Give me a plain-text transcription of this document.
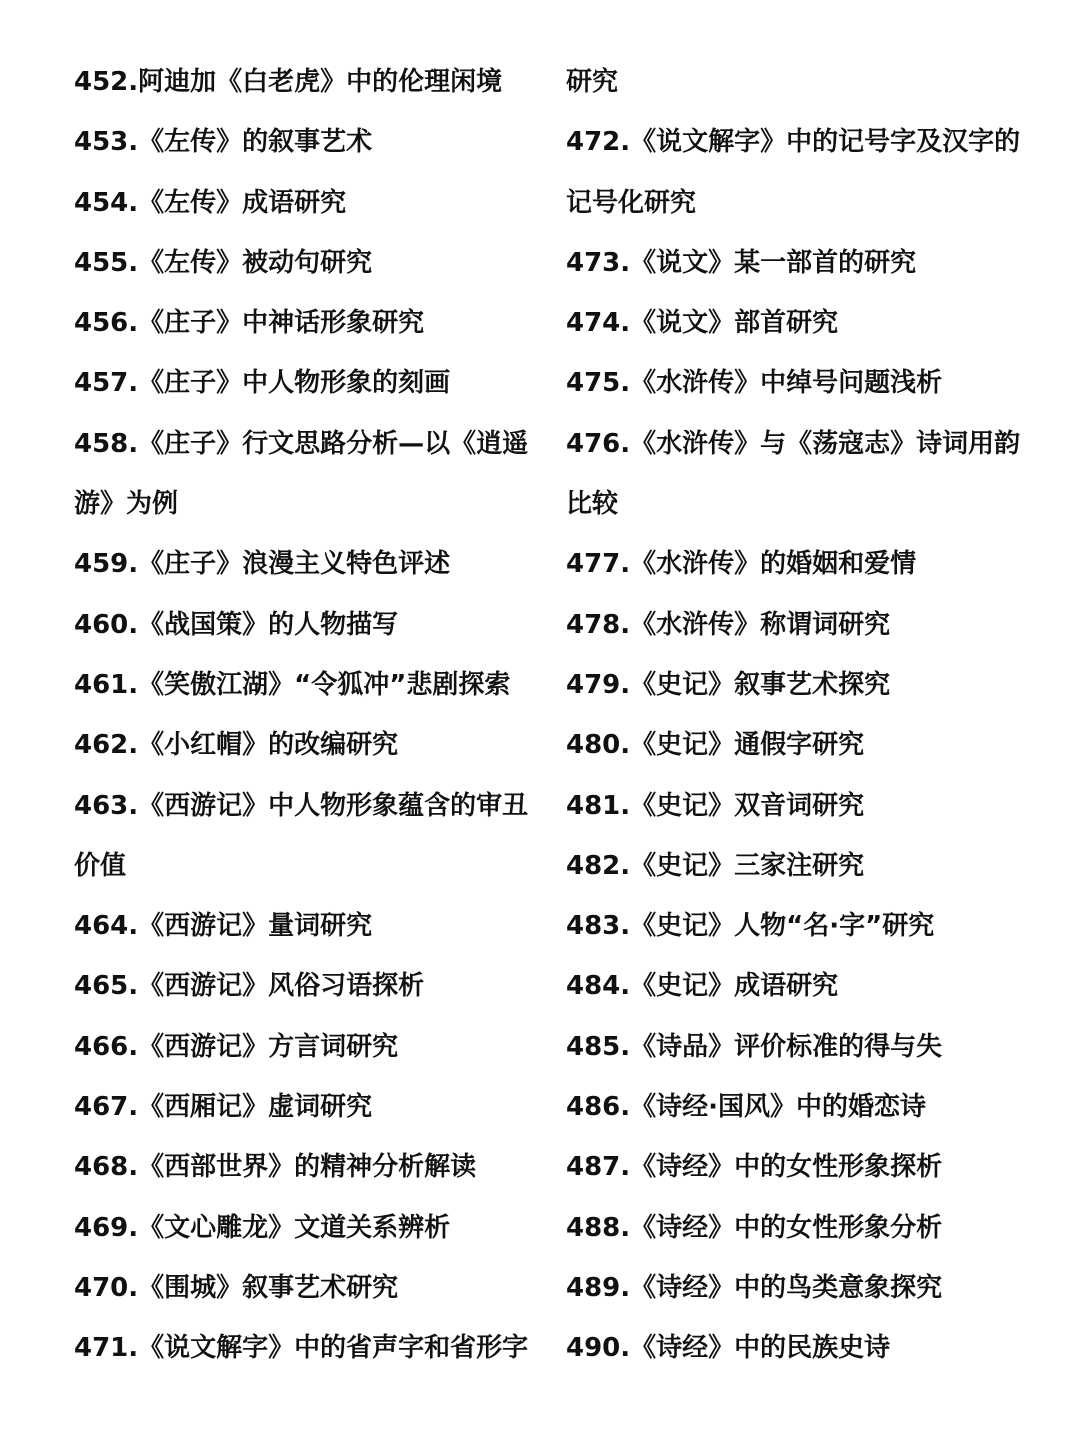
452.阿迪加《白老虎》中的伦理闲境
453.《左传》的叙事艺术
454.《左传》成语研究
455.《左传》被动句研究
456.《庄子》中神话形象研究
457.《庄子》中人物形象的刻画
458.《庄子》行文思路分析—以《逍遥
游》为例
459.《庄子》浪漫主义特色评述
460.《战国策》的人物描写
461.《笑傲江湖》“令狐冲”悲剧探索
462.《小红帽》的改编研究
463.《西游记》中人物形象蕴含的审丑
价值
464.《西游记》量词研究
465.《西游记》风俗习语探析
466.《西游记》方言词研究
467.《西厢记》虚词研究
468.《西部世界》的精神分析解读
469.《文心雕龙》文道关系辨析
470.《围城》叙事艺术研究
471.《说文解字》中的省声字和省形字
研究
472.《说文解字》中的记号字及汉字的
记号化研究
473.《说文》某一部首的研究
474.《说文》部首研究
475.《水浒传》中绰号问题浅析
476.《水浒传》与《荡寇志》诗词用韵
比较
477.《水浒传》的婚姻和爱情
478.《水浒传》称谓词研究
479.《史记》叙事艺术探究
480.《史记》通假字研究
481.《史记》双音词研究
482.《史记》三家注研究
483.《史记》人物“名·字”研究
484.《史记》成语研究
485.《诗品》评价标准的得与失
486.《诗经·国风》中的婚恋诗
487.《诗经》中的女性形象探析
488.《诗经》中的女性形象分析
489.《诗经》中的鸟类意象探究
490.《诗经》中的民族史诗
